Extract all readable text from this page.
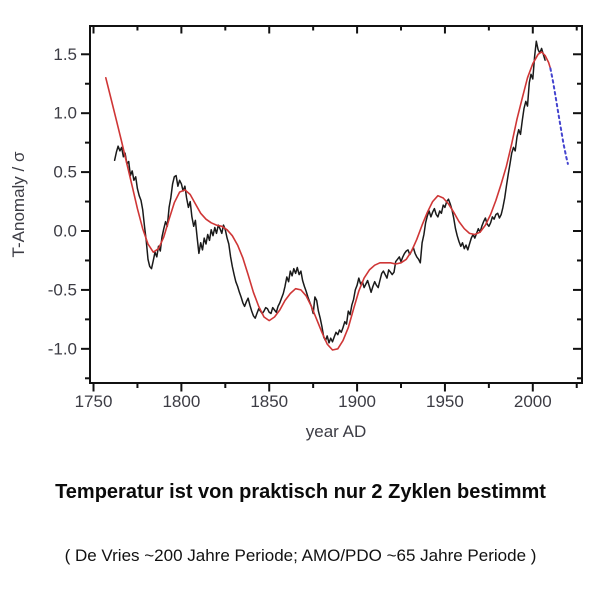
1750	1800	1850	1900	1950	2000
1.5
1.0
0.5
0.0
-0.5
-1.0
year AD
T-Anomaly / σ
Temperatur ist von praktisch nur 2 Zyklen bestimmt
( De Vries ~200 Jahre Periode; AMO/PDO ~65 Jahre Periode )
